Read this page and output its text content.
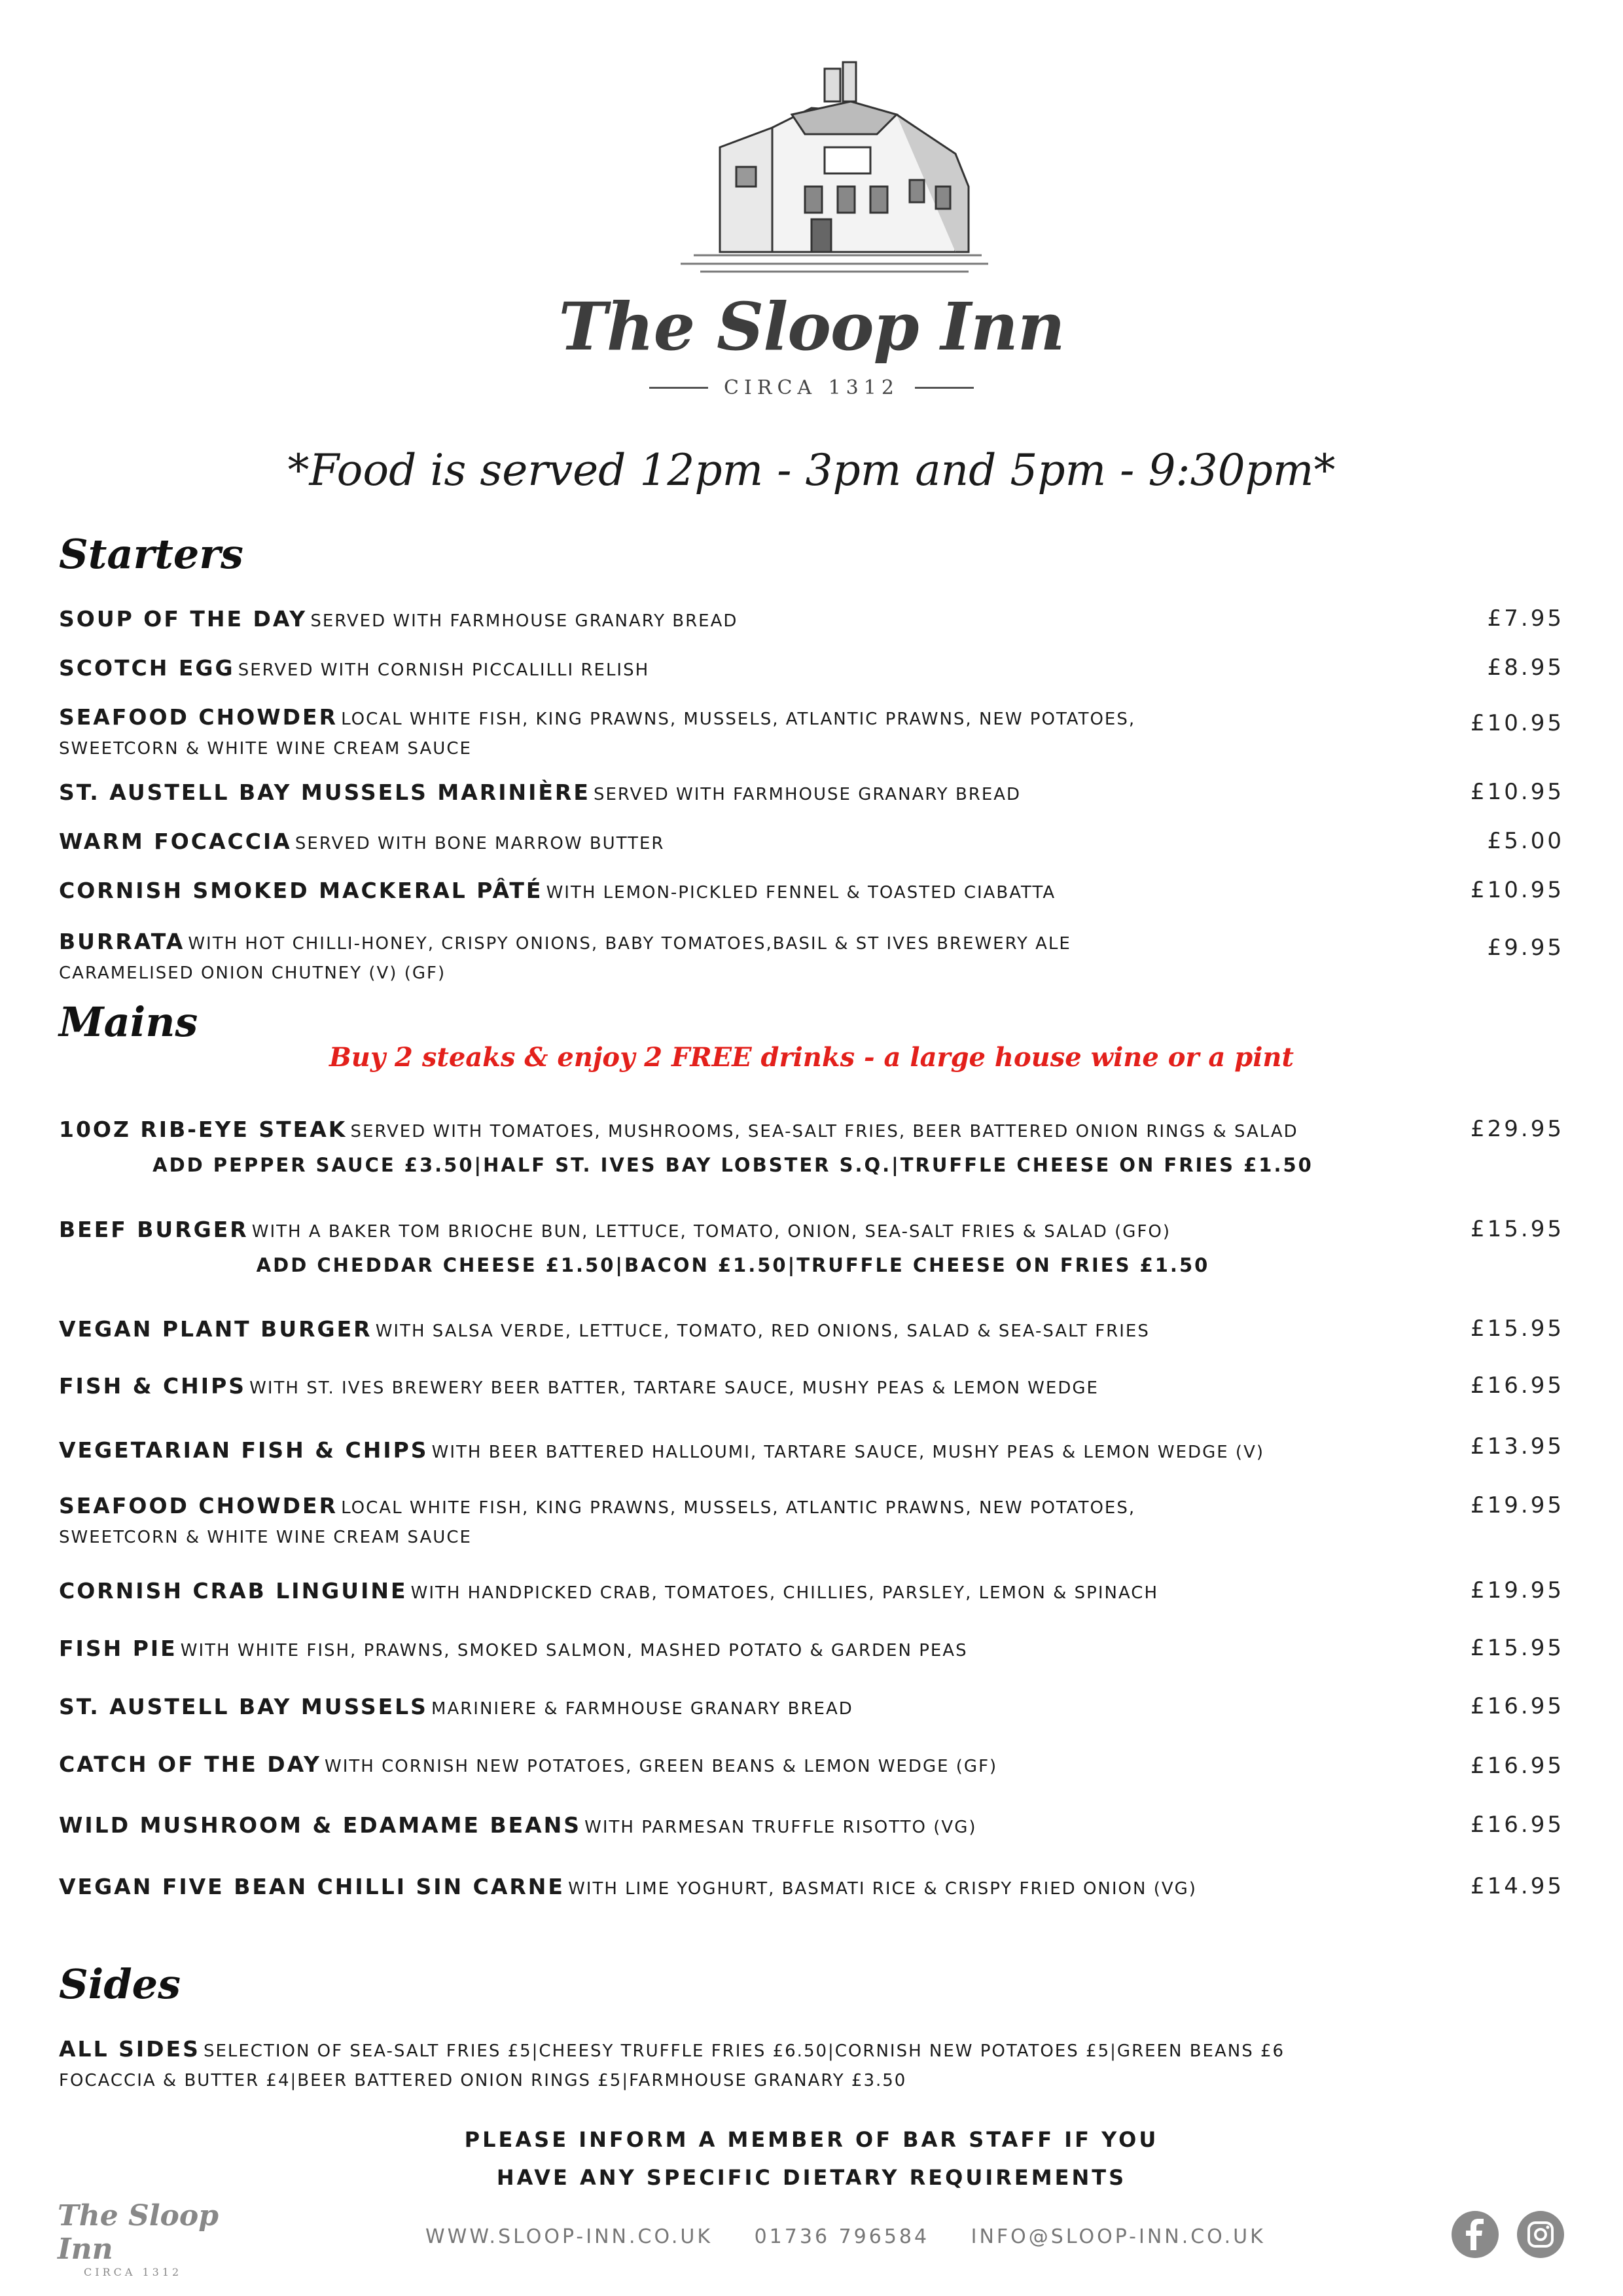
The Sloop Inn
CIRCA 1312
*Food is served 12pm - 3pm and 5pm - 9:30pm*
Starters
SOUP OF THE DAY SERVED WITH FARMHOUSE GRANARY BREAD	£7.95
SCOTCH EGG SERVED WITH CORNISH PICCALILLI RELISH	£8.95
SEAFOOD CHOWDER LOCAL WHITE FISH, KING PRAWNS, MUSSELS, ATLANTIC PRAWNS, NEW POTATOES,
SWEETCORN & WHITE WINE CREAM SAUCE
£10.95
ST. AUSTELL BAY MUSSELS MARINIÈRE SERVED WITH FARMHOUSE GRANARY BREAD	£10.95
WARM FOCACCIA SERVED WITH BONE MARROW BUTTER	£5.00
CORNISH SMOKED MACKERAL PÂTÉ WITH LEMON-PICKLED FENNEL & TOASTED CIABATTA	£10.95
BURRATA WITH HOT CHILLI-HONEY, CRISPY ONIONS, BABY TOMATOES,BASIL & ST IVES BREWERY ALE
CARAMELISED ONION CHUTNEY (V) (GF)
£9.95
Mains
Buy 2 steaks & enjoy 2 FREE drinks - a large house wine or a pint
10OZ RIB-EYE STEAK SERVED WITH TOMATOES, MUSHROOMS, SEA-SALT FRIES, BEER BATTERED ONION RINGS & SALAD
ADD PEPPER SAUCE £3.50|HALF ST. IVES BAY LOBSTER S.Q.|TRUFFLE CHEESE ON FRIES £1.50
£29.95
BEEF BURGER WITH A BAKER TOM BRIOCHE BUN, LETTUCE, TOMATO, ONION, SEA-SALT FRIES & SALAD (GFO)
ADD CHEDDAR CHEESE £1.50|BACON £1.50|TRUFFLE CHEESE ON FRIES £1.50
£15.95
VEGAN PLANT BURGER WITH SALSA VERDE, LETTUCE, TOMATO, RED ONIONS, SALAD & SEA-SALT FRIES	£15.95
FISH & CHIPS WITH ST. IVES BREWERY BEER BATTER, TARTARE SAUCE, MUSHY PEAS & LEMON WEDGE	£16.95
VEGETARIAN FISH & CHIPS WITH BEER BATTERED HALLOUMI, TARTARE SAUCE, MUSHY PEAS & LEMON WEDGE (V)	£13.95
SEAFOOD CHOWDER LOCAL WHITE FISH, KING PRAWNS, MUSSELS, ATLANTIC PRAWNS, NEW POTATOES,
SWEETCORN & WHITE WINE CREAM SAUCE
£19.95
CORNISH CRAB LINGUINE WITH HANDPICKED CRAB, TOMATOES, CHILLIES, PARSLEY, LEMON & SPINACH	£19.95
FISH PIE WITH WHITE FISH, PRAWNS, SMOKED SALMON, MASHED POTATO & GARDEN PEAS	£15.95
ST. AUSTELL BAY MUSSELS MARINIERE & FARMHOUSE GRANARY BREAD	£16.95
CATCH OF THE DAY WITH CORNISH NEW POTATOES, GREEN BEANS & LEMON WEDGE (GF)	£16.95
WILD MUSHROOM & EDAMAME BEANS WITH PARMESAN TRUFFLE RISOTTO (VG)	£16.95
VEGAN FIVE BEAN CHILLI SIN CARNE WITH LIME YOGHURT, BASMATI RICE & CRISPY FRIED ONION (VG)	£14.95
Sides
ALL SIDES SELECTION OF SEA-SALT FRIES £5|CHEESY TRUFFLE FRIES £6.50|CORNISH NEW POTATOES £5|GREEN BEANS £6
FOCACCIA & BUTTER £4|BEER BATTERED ONION RINGS £5|FARMHOUSE GRANARY £3.50
PLEASE INFORM A MEMBER OF BAR STAFF IF YOU
HAVE ANY SPECIFIC DIETARY REQUIREMENTS
The Sloop Inn
CIRCA 1312
WWW.SLOOP-INN.CO.UK 01736 796584 INFO@SLOOP-INN.CO.UK
